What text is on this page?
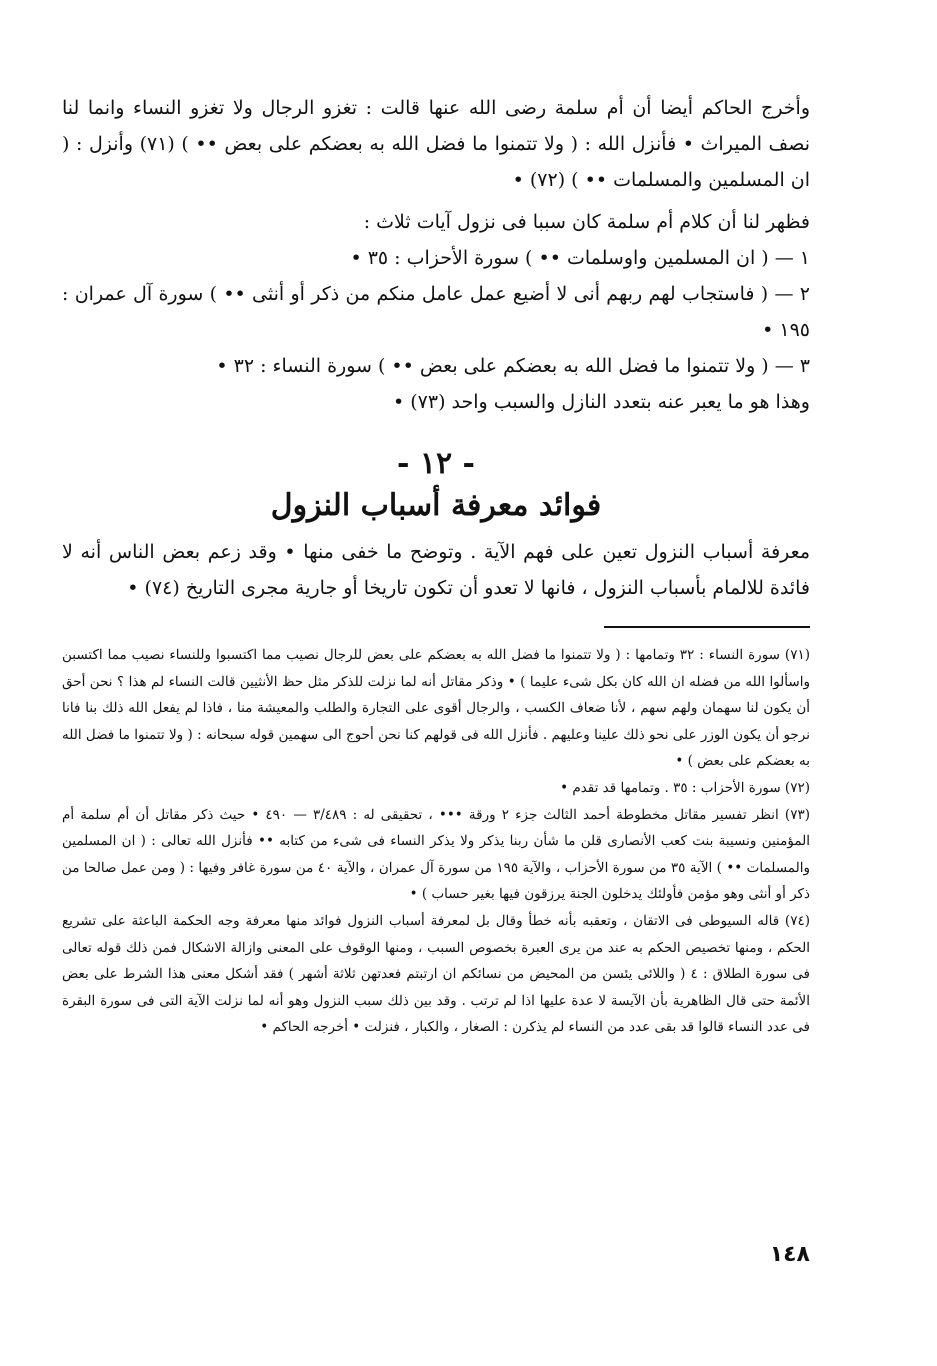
وأخرج الحاكم أيضا أن أم سلمة رضى الله عنها قالت : تغزو الرجال ولا تغزو النساء وانما لنا نصف الميراث • فأنزل الله : ( ولا تتمنوا ما فضل الله به بعضكم على بعض •• ) (٧١) وأنزل : ( ان المسلمين والمسلمات •• ) (٧٢) •

فظهر لنا أن كلام أم سلمة كان سببا فى نزول آيات ثلاث :

١ — ( ان المسلمين واوسلمات •• ) سورة الأحزاب : ٣٥ •

٢ — ( فاستجاب لهم ربهم أنى لا أضيع عمل عامل منكم من ذكر أو أنثى •• ) سورة آل عمران : ١٩٥ •

٣ — ( ولا تتمنوا ما فضل الله به بعضكم على بعض •• ) سورة النساء : ٣٢ •

وهذا هو ما يعبر عنه بتعدد النازل والسبب واحد (٧٣) •

- ١٢ -
فوائد معرفة أسباب النزول

معرفة أسباب النزول تعين على فهم الآية . وتوضح ما خفى منها • وقد زعم بعض الناس أنه لا فائدة للالمام بأسباب النزول ، فانها لا تعدو أن تكون تاريخا أو جارية مجرى التاريخ (٧٤) •

(٧١) سورة النساء : ٣٢ وتمامها : ( ولا تتمنوا ما فضل الله به بعضكم على بعض للرجال نصيب مما اكتسبوا وللنساء نصيب مما اكتسبن واسألوا الله من فضله ان الله كان بكل شىء عليما ) • وذكر مقاتل أنه لما نزلت للذكر مثل حظ الأنثيين قالت النساء لم هذا ؟ نحن أحق أن يكون لنا سهمان ولهم سهم ، لأنا ضعاف الكسب ، والرجال أقوى على التجارة والطلب والمعيشة منا ، فاذا لم يفعل الله ذلك بنا فانا نرجو أن يكون الوزر على نحو ذلك علينا وعليهم . فأنزل الله فى قولهم كنا نحن أحوج الى سهمين قوله سبحانه : ( ولا تتمنوا ما فضل الله به بعضكم على بعض ) •

(٧٢) سورة الأحزاب : ٣٥ . وتمامها قد تقدم •

(٧٣) انظر تفسير مقاتل مخطوطة أحمد الثالث جزء ٢ ورقة ••• ، تحقيقى له : ٣/٤٨٩ — ٤٩٠ • حيث ذكر مقاتل أن أم سلمة أم المؤمنين ونسيبة بنت كعب الأنصارى قلن ما شأن ربنا يذكر ولا يذكر النساء فى شىء من كتابه •• فأنزل الله تعالى : ( ان المسلمين والمسلمات •• ) الآية ٣٥ من سورة الأحزاب ، والآية ١٩٥ من سورة آل عمران ، والآية ٤٠ من سورة غافر وفيها : ( ومن عمل صالحا من ذكر أو أنثى وهو مؤمن فأولئك يدخلون الجنة يرزقون فيها بغير حساب ) •

(٧٤) قاله السيوطى فى الاتقان ، وتعقبه بأنه خطأ وقال بل لمعرفة أسباب النزول فوائد منها معرفة وجه الحكمة الباعثة على تشريع الحكم ، ومنها تخصيص الحكم به عند من يرى العبرة بخصوص السبب ، ومنها الوقوف على المعنى وازالة الاشكال فمن ذلك قوله تعالى فى سورة الطلاق : ٤ ( واللائى يئسن من المحيض من نسائكم ان ارتبتم فعدتهن ثلاثة أشهر ) فقد أشكل معنى هذا الشرط على بعض الأئمة حتى قال الظاهرية بأن الآيسة لا عدة عليها اذا لم ترتب . وقد بين ذلك سبب النزول وهو أنه لما نزلت الآية التى فى سورة البقرة فى عدد النساء قالوا قد بقى عدد من النساء لم يذكرن : الصغار ، والكبار ، فنزلت • أخرجه الحاكم •

١٤٨
